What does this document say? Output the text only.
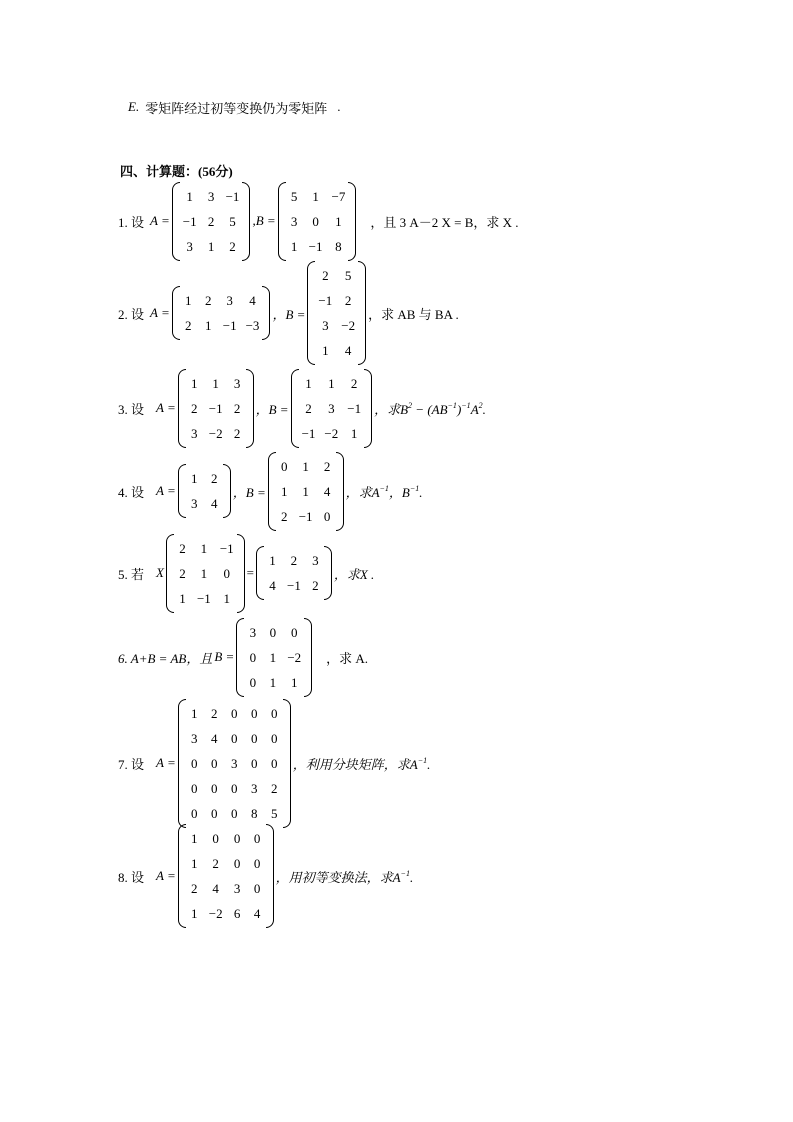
E. 零矩阵经过初等变换仍为零矩阵 .
四、计算题：(56分)
1. 设 A =
1 3 −1
−1 2 5
3 1 2
,B =
5 1 −7
3 0 1
1 −1 8
，且 3 A－2 X = B，求 X .
2. 设 A =
1 2 3 4
2 1 −1 −3
，B =
2 5
−1 2
3 −2
1 4
，求 AB 与 BA .
3. 设 A =
1 1 3
2 −1 2
3 −2 2
，B =
1 1 2
2 3 −1
−1 −2 1
，求$B^2 - (AB^{-1})^{-1}A^2$.
4. 设 A =
1 2
3 4
，B =
0 1 2
1 1 4
2 −1 0
，求$A^{-1}$，$B^{-1}$.
5. 若 X
2 1 −1
2 1 0
1 −1 1
=
1 2 3
4 −1 2
，求X .
6. A+B = AB，且 B =
3 0 0
0 1 −2
0 1 1
，求 A.
7. 设 A =
1 2 0 0 0
3 4 0 0 0
0 0 3 0 0
0 0 0 3 2
0 0 0 8 5
，利用分块矩阵，求$A^{-1}$.
8. 设 A =
1 0 0 0
1 2 0 0
2 4 3 0
1 −2 6 4
，用初等变换法，求$A^{-1}$.
